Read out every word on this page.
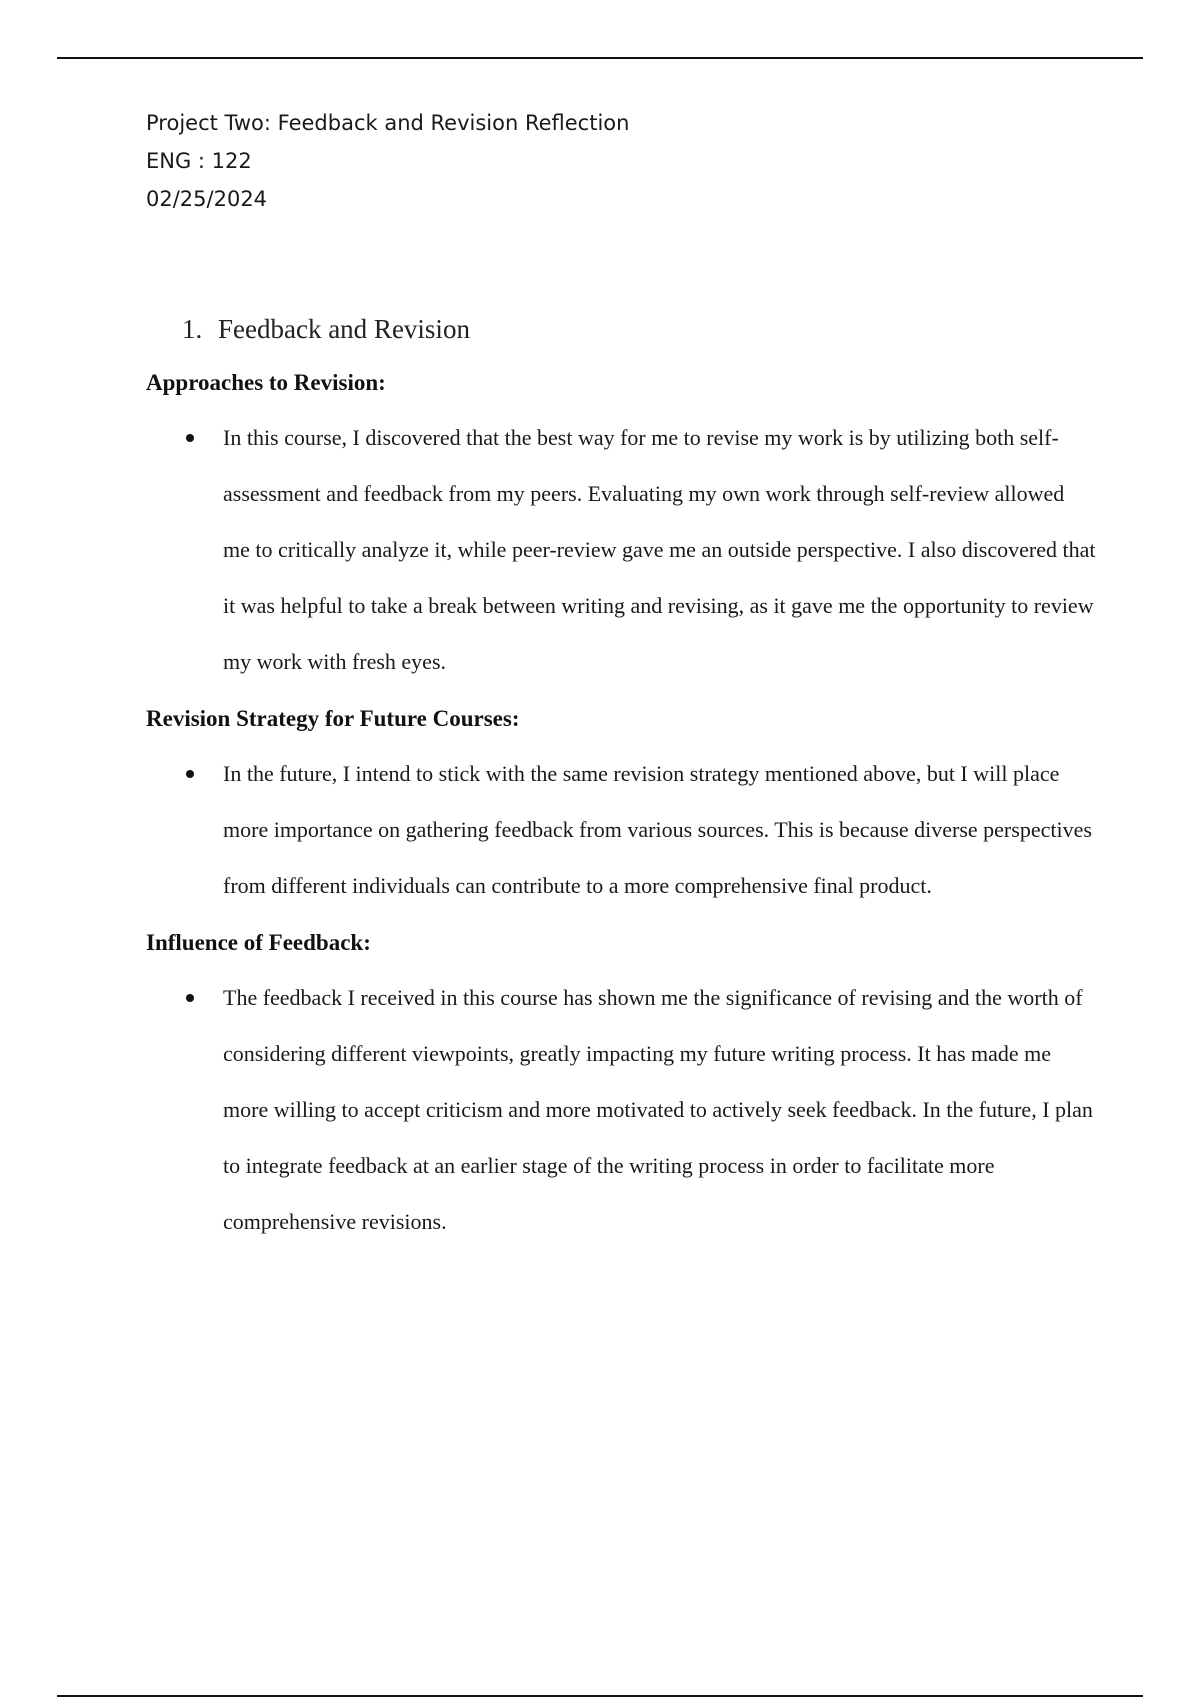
Project Two: Feedback and Revision Reflection
ENG : 122
02/25/2024
1. Feedback and Revision
Approaches to Revision:
In this course, I discovered that the best way for me to revise my work is by utilizing both self-assessment and feedback from my peers. Evaluating my own work through self-review allowed me to critically analyze it, while peer-review gave me an outside perspective. I also discovered that it was helpful to take a break between writing and revising, as it gave me the opportunity to review my work with fresh eyes.
Revision Strategy for Future Courses:
In the future, I intend to stick with the same revision strategy mentioned above, but I will place more importance on gathering feedback from various sources. This is because diverse perspectives from different individuals can contribute to a more comprehensive final product.
Influence of Feedback:
The feedback I received in this course has shown me the significance of revising and the worth of considering different viewpoints, greatly impacting my future writing process. It has made me more willing to accept criticism and more motivated to actively seek feedback. In the future, I plan to integrate feedback at an earlier stage of the writing process in order to facilitate more comprehensive revisions.
